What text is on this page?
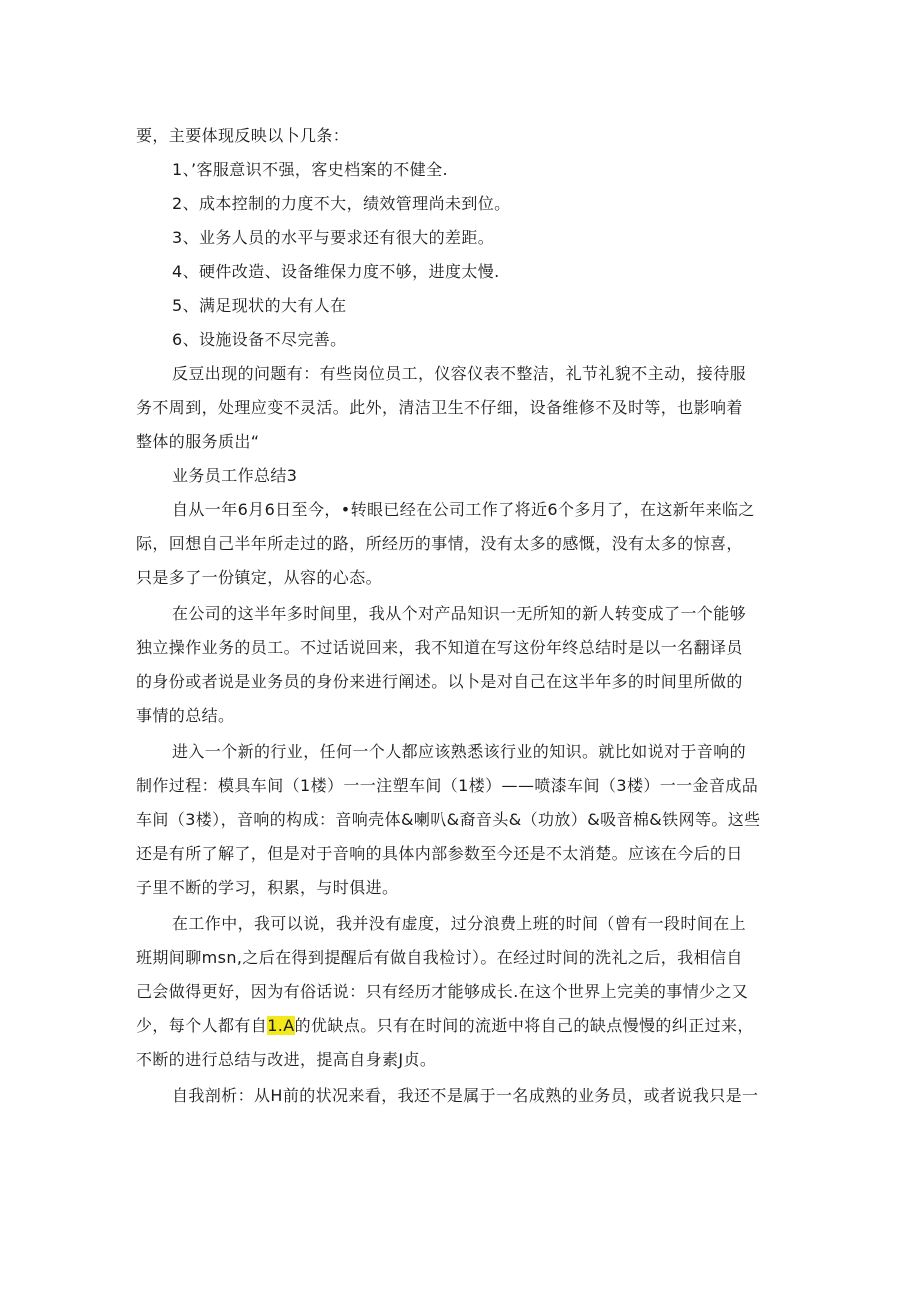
要，主要体现反映以卜几条：

1、’客服意识不强，客史档案的不健全.

2、成本控制的力度不大，绩效管理尚未到位。

3、业务人员的水平与要求还有很大的差距。

4、硬件改造、设备维保力度不够，进度太慢.

5、满足现状的大有人在

6、设施设备不尽完善。

反豆出现的问题有：有些岗位员工，仪容仪表不整洁，礼节礼貌不主动，接待服

务不周到，处理应变不灵活。此外，清洁卫生不仔细，设备维修不及时等，也影响着

整体的服务质岀“

业务员工作总结3

自从一年6月6日至今，•转眼已经在公司工作了将近6个多月了，在这新年来临之

际，回想自己半年所走过的路，所经历的事情，没有太多的感慨，没有太多的惊喜，

只是多了一份镇定，从容的心态。

在公司的这半年多时间里，我从个对产品知识一无所知的新人转变成了一个能够

独立操作业务的员工。不过话说回来，我不知道在写这份年终总结时是以一名翻译员

的身份或者说是业务员的身份来进行阐述。以卜是对自己在这半年多的时间里所做的

事情的总结。

进入一个新的行业，任何一个人都应该熟悉该行业的知识。就比如说对于音响的

制作过程：模具车间（1楼）一一注塑车间（1楼）——喷漆车间（3楼）一一金音成品

车间（3楼），音响的构成：音响壳体&喇叭&裔音头&（功放）&吸音棉&铁网等。这些

还是有所了解了，但是对于音响的具体内部参数至今还是不太消楚。应该在今后的日

子里不断的学习，积累，与时俱进。

在工作中，我可以说，我并没有虚度，过分浪费上班的时间（曾有一段时间在上

班期间聊msn,之后在得到提醒后有做自我检讨）。在经过时间的洗礼之后，我相信自

己会做得更好，因为有俗话说：只有经历才能够成长.在这个世界上完美的事情少之又

少，每个人都有自1.A的优缺点。只有在时间的流逝中将自己的缺点慢慢的纠正过来，

不断的进行总结与改进，提高自身素J贞。

自我剖析：从H前的状况来看，我还不是属于一名成熟的业务员，或者说我只是一
